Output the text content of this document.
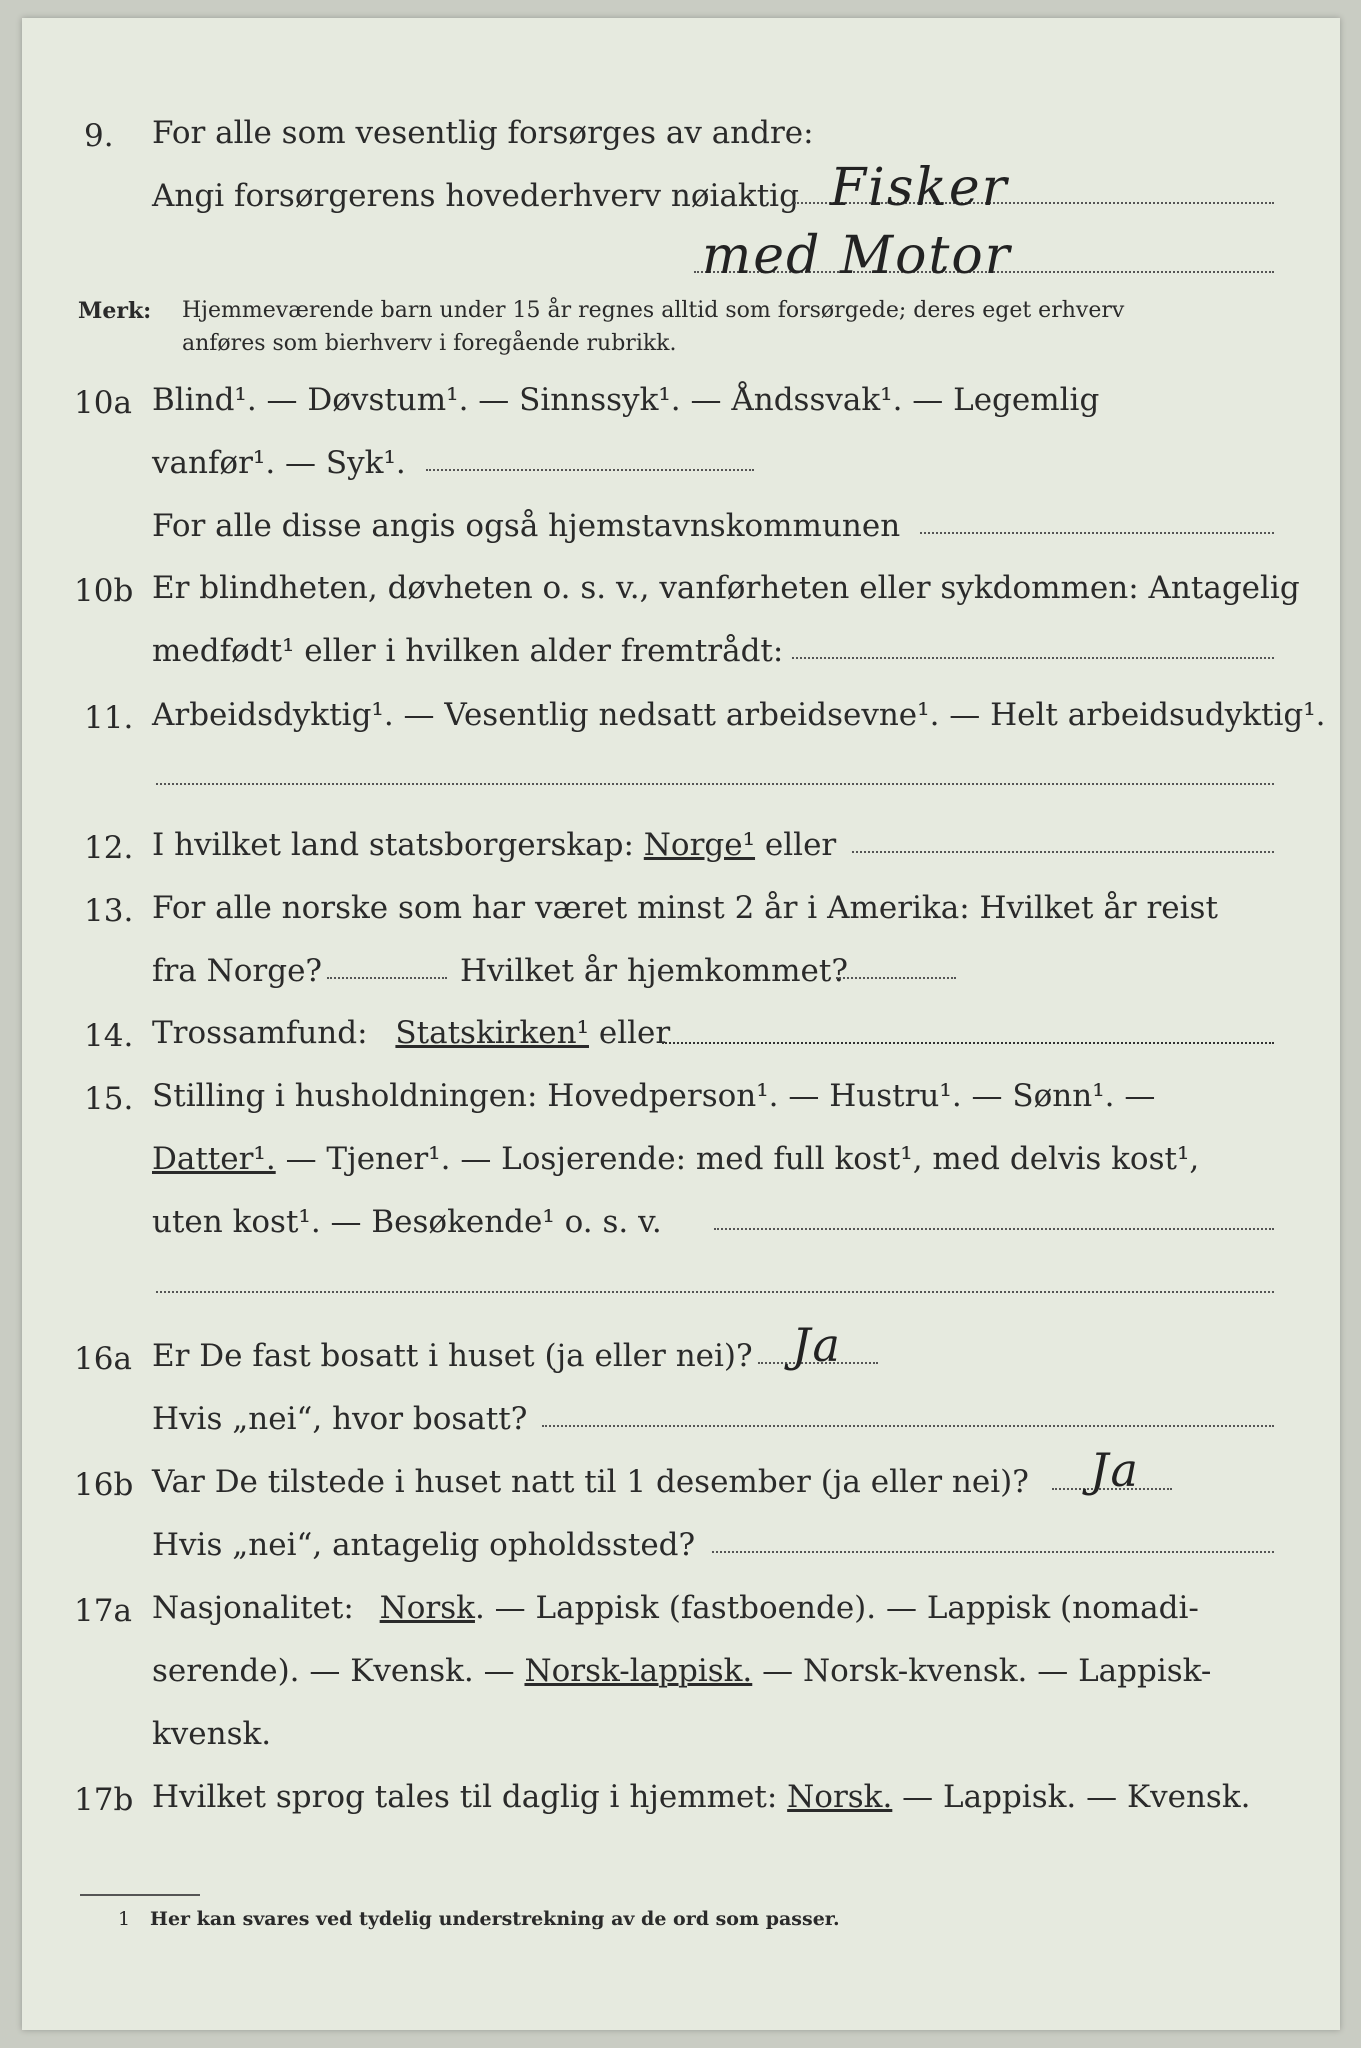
9. For alle som vesentlig forsørges av andre:
Angi forsørgerens hovederhverv nøiaktig Fisker
med Motor
Merk: Hjemmeværende barn under 15 år regnes alltid som forsørgede; deres eget erhverv
anføres som bierhverv i foregående rubrikk.
10a Blind¹. — Døvstum¹. — Sinnssyk¹. — Åndssvak¹. — Legemlig
vanfør¹. — Syk¹.
For alle disse angis også hjemstavnskommunen
10b Er blindheten, døvheten o. s. v., vanførheten eller sykdommen: Antagelig
medfødt¹ eller i hvilken alder fremtrådt:
11. Arbeidsdyktig¹. — Vesentlig nedsatt arbeidsevne¹. — Helt arbeidsudyktig¹.
12. I hvilket land statsborgerskap: Norge¹ eller
13. For alle norske som har været minst 2 år i Amerika: Hvilket år reist
fra Norge?	Hvilket år hjemkommet?
14. Trossamfund: Statskirken¹ eller
15. Stilling i husholdningen: Hovedperson¹. — Hustru¹. — Sønn¹. —
Datter¹. — Tjener¹. — Losjerende: med full kost¹, med delvis kost¹,
uten kost¹. — Besøkende¹ o. s. v.
16a Er De fast bosatt i huset (ja eller nei)? Ja
Hvis „nei“, hvor bosatt?
16b Var De tilstede i huset natt til 1 desember (ja eller nei)? Ja
Hvis „nei“, antagelig opholdssted?
17a Nasjonalitet: Norsk. — Lappisk (fastboende). — Lappisk (nomadi-
serende). — Kvensk. — Norsk-lappisk. — Norsk-kvensk. — Lappisk-
kvensk.
17b Hvilket sprog tales til daglig i hjemmet: Norsk. — Lappisk. — Kvensk.
1 Her kan svares ved tydelig understrekning av de ord som passer.
